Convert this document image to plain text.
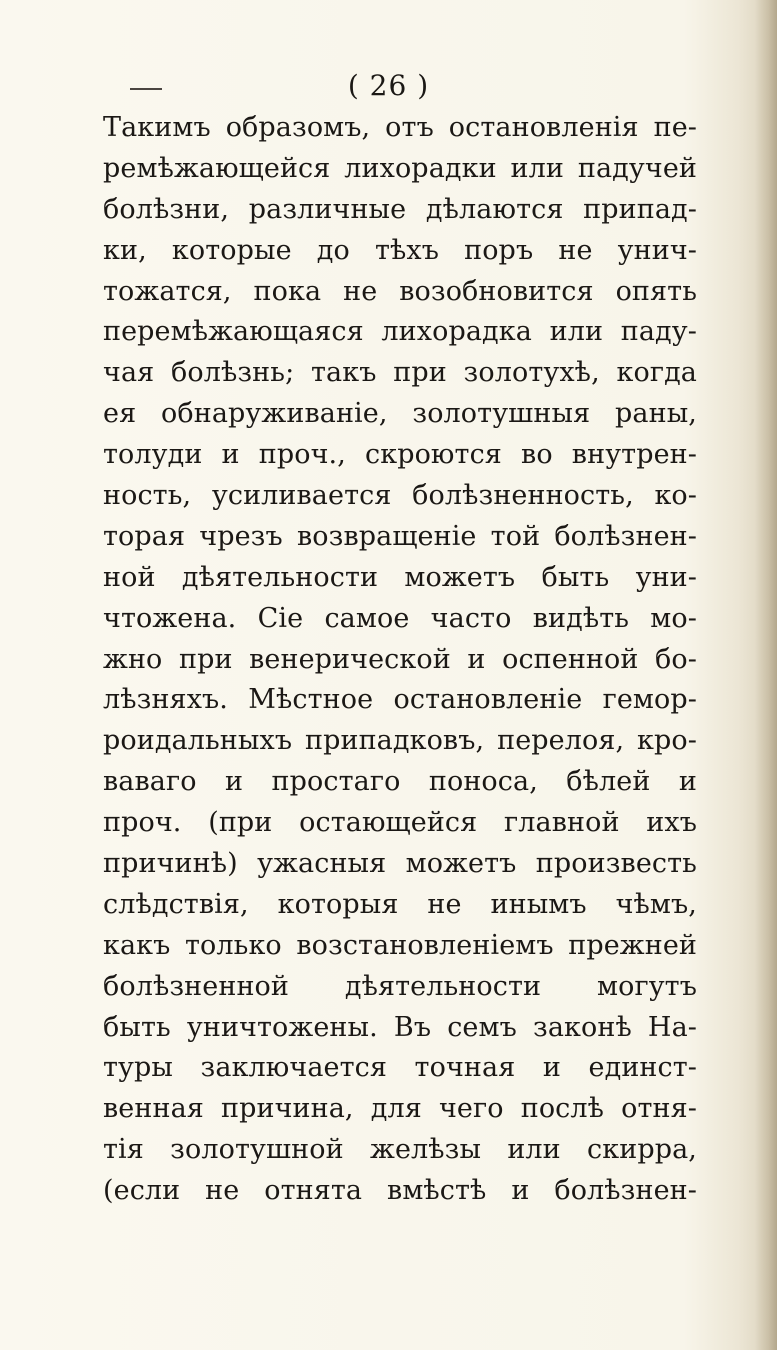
( 26 )
Такимъ образомъ, отъ остановленія пе-
ремѣжающейся лихорадки или падучей
болѣзни, различные дѣлаются припад-
ки, которые до тѣхъ поръ не унич-
тожатся, пока не возобновится опять
перемѣжающаяся лихорадка или паду-
чая болѣзнь; такъ при золотухѣ, когда
ея обнаруживаніе, золотушныя раны,
толуди и проч., скроются во внутрен-
ность, усиливается болѣзненность, ко-
торая чрезъ возвращеніе той болѣзнен-
ной дѣятельности можетъ быть уни-
чтожена. Сіе самое часто видѣть мо-
жно при венерической и оспенной бо-
лѣзняхъ. Мѣстное остановленіе гемор-
роидальныхъ припадковъ, перелоя, кро-
ваваго и простаго поноса, бѣлей и
проч. (при остающейся главной ихъ
причинѣ) ужасныя можетъ произвесть
слѣдствія, которыя не инымъ чѣмъ,
какъ только возстановленіемъ прежней
болѣзненной дѣятельности могутъ
быть уничтожены. Въ семъ законѣ На-
туры заключается точная и единст-
венная причина, для чего послѣ отня-
тія золотушной желѣзы или скирра,
(если не отнята вмѣстѣ и болѣзнен-
